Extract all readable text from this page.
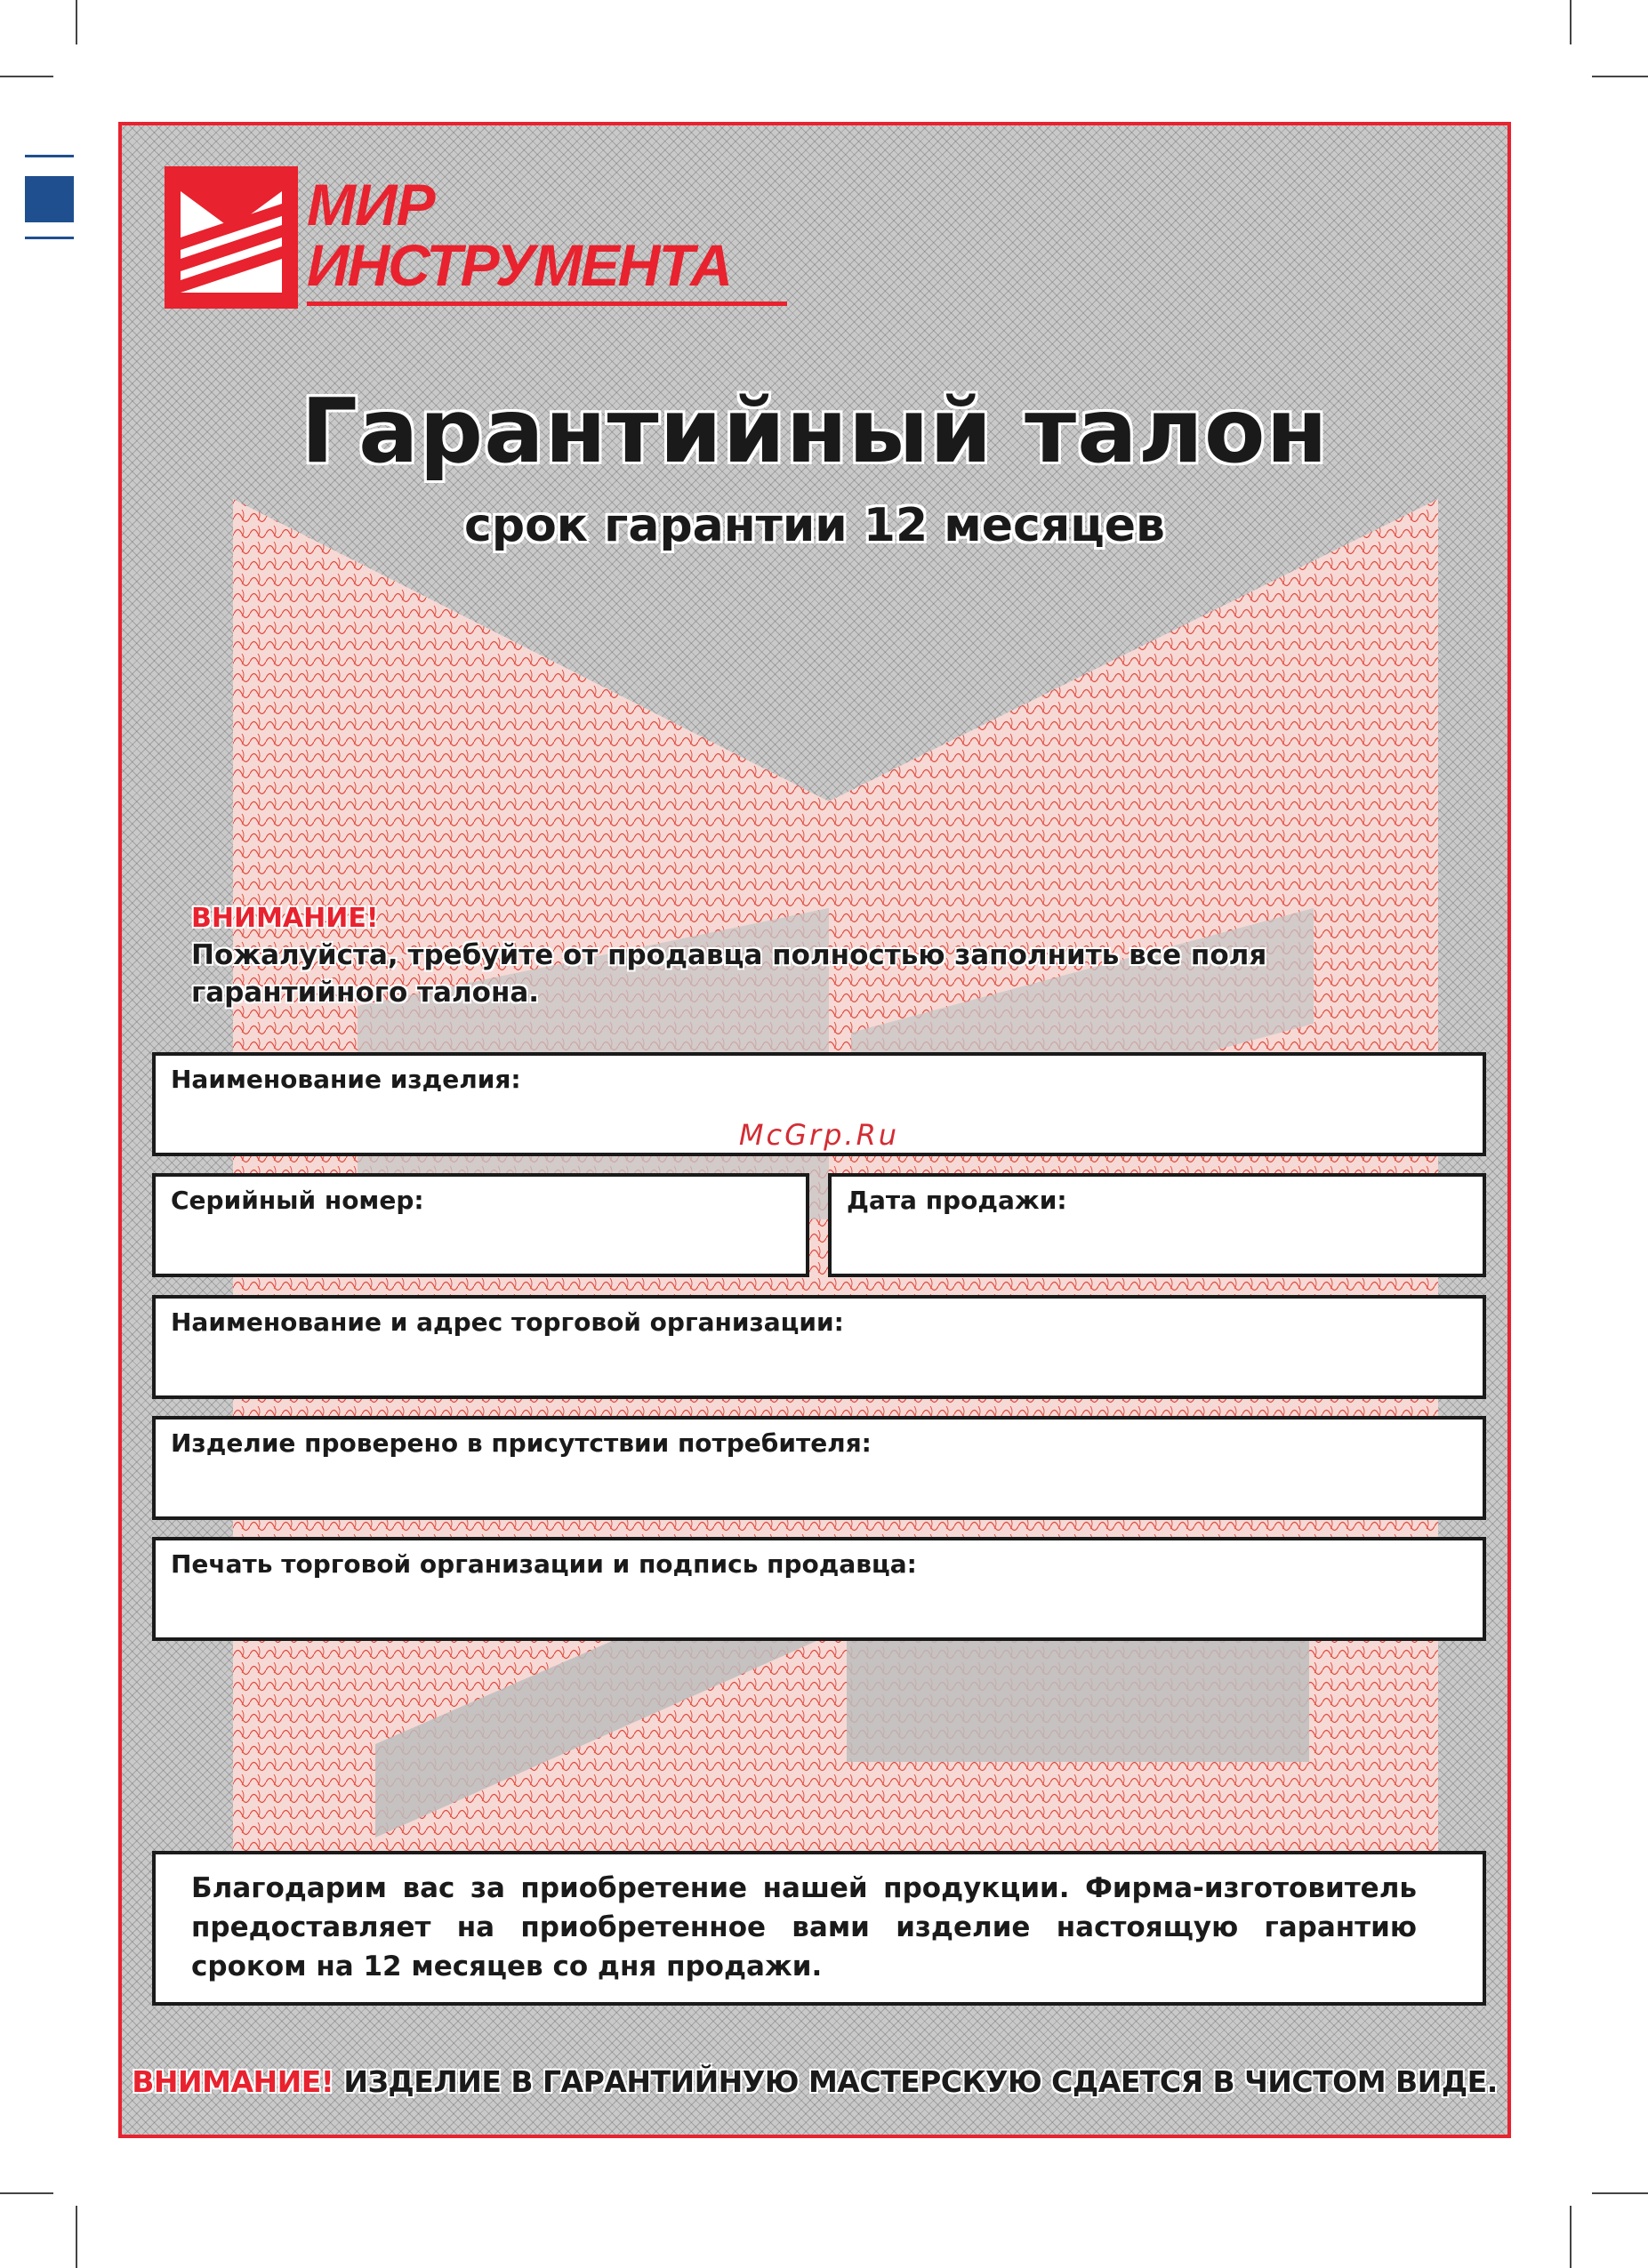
МИР
ИНСТРУМЕНТА
Гарантийный талон
срок гарантии 12 месяцев
ВНИМАНИЕ!
Пожалуйста, требуйте от продавца полностью заполнить все поля гарантийного талона.
Наименование изделия:
McGrp.Ru
Серийный номер:	Дата продажи:
Наименование и адрес торговой организации:
Изделие проверено в присутствии потребителя:
Печать торговой организации и подпись продавца:
Благодарим вас за приобретение нашей продукции. Фирма-изготовитель предоставляет на приобретенное вами изделие настоящую гарантию сроком на 12 месяцев со дня продажи.
ВНИМАНИЕ! ИЗДЕЛИЕ В ГАРАНТИЙНУЮ МАСТЕРСКУЮ СДАЕТСЯ В ЧИСТОМ ВИДЕ.
